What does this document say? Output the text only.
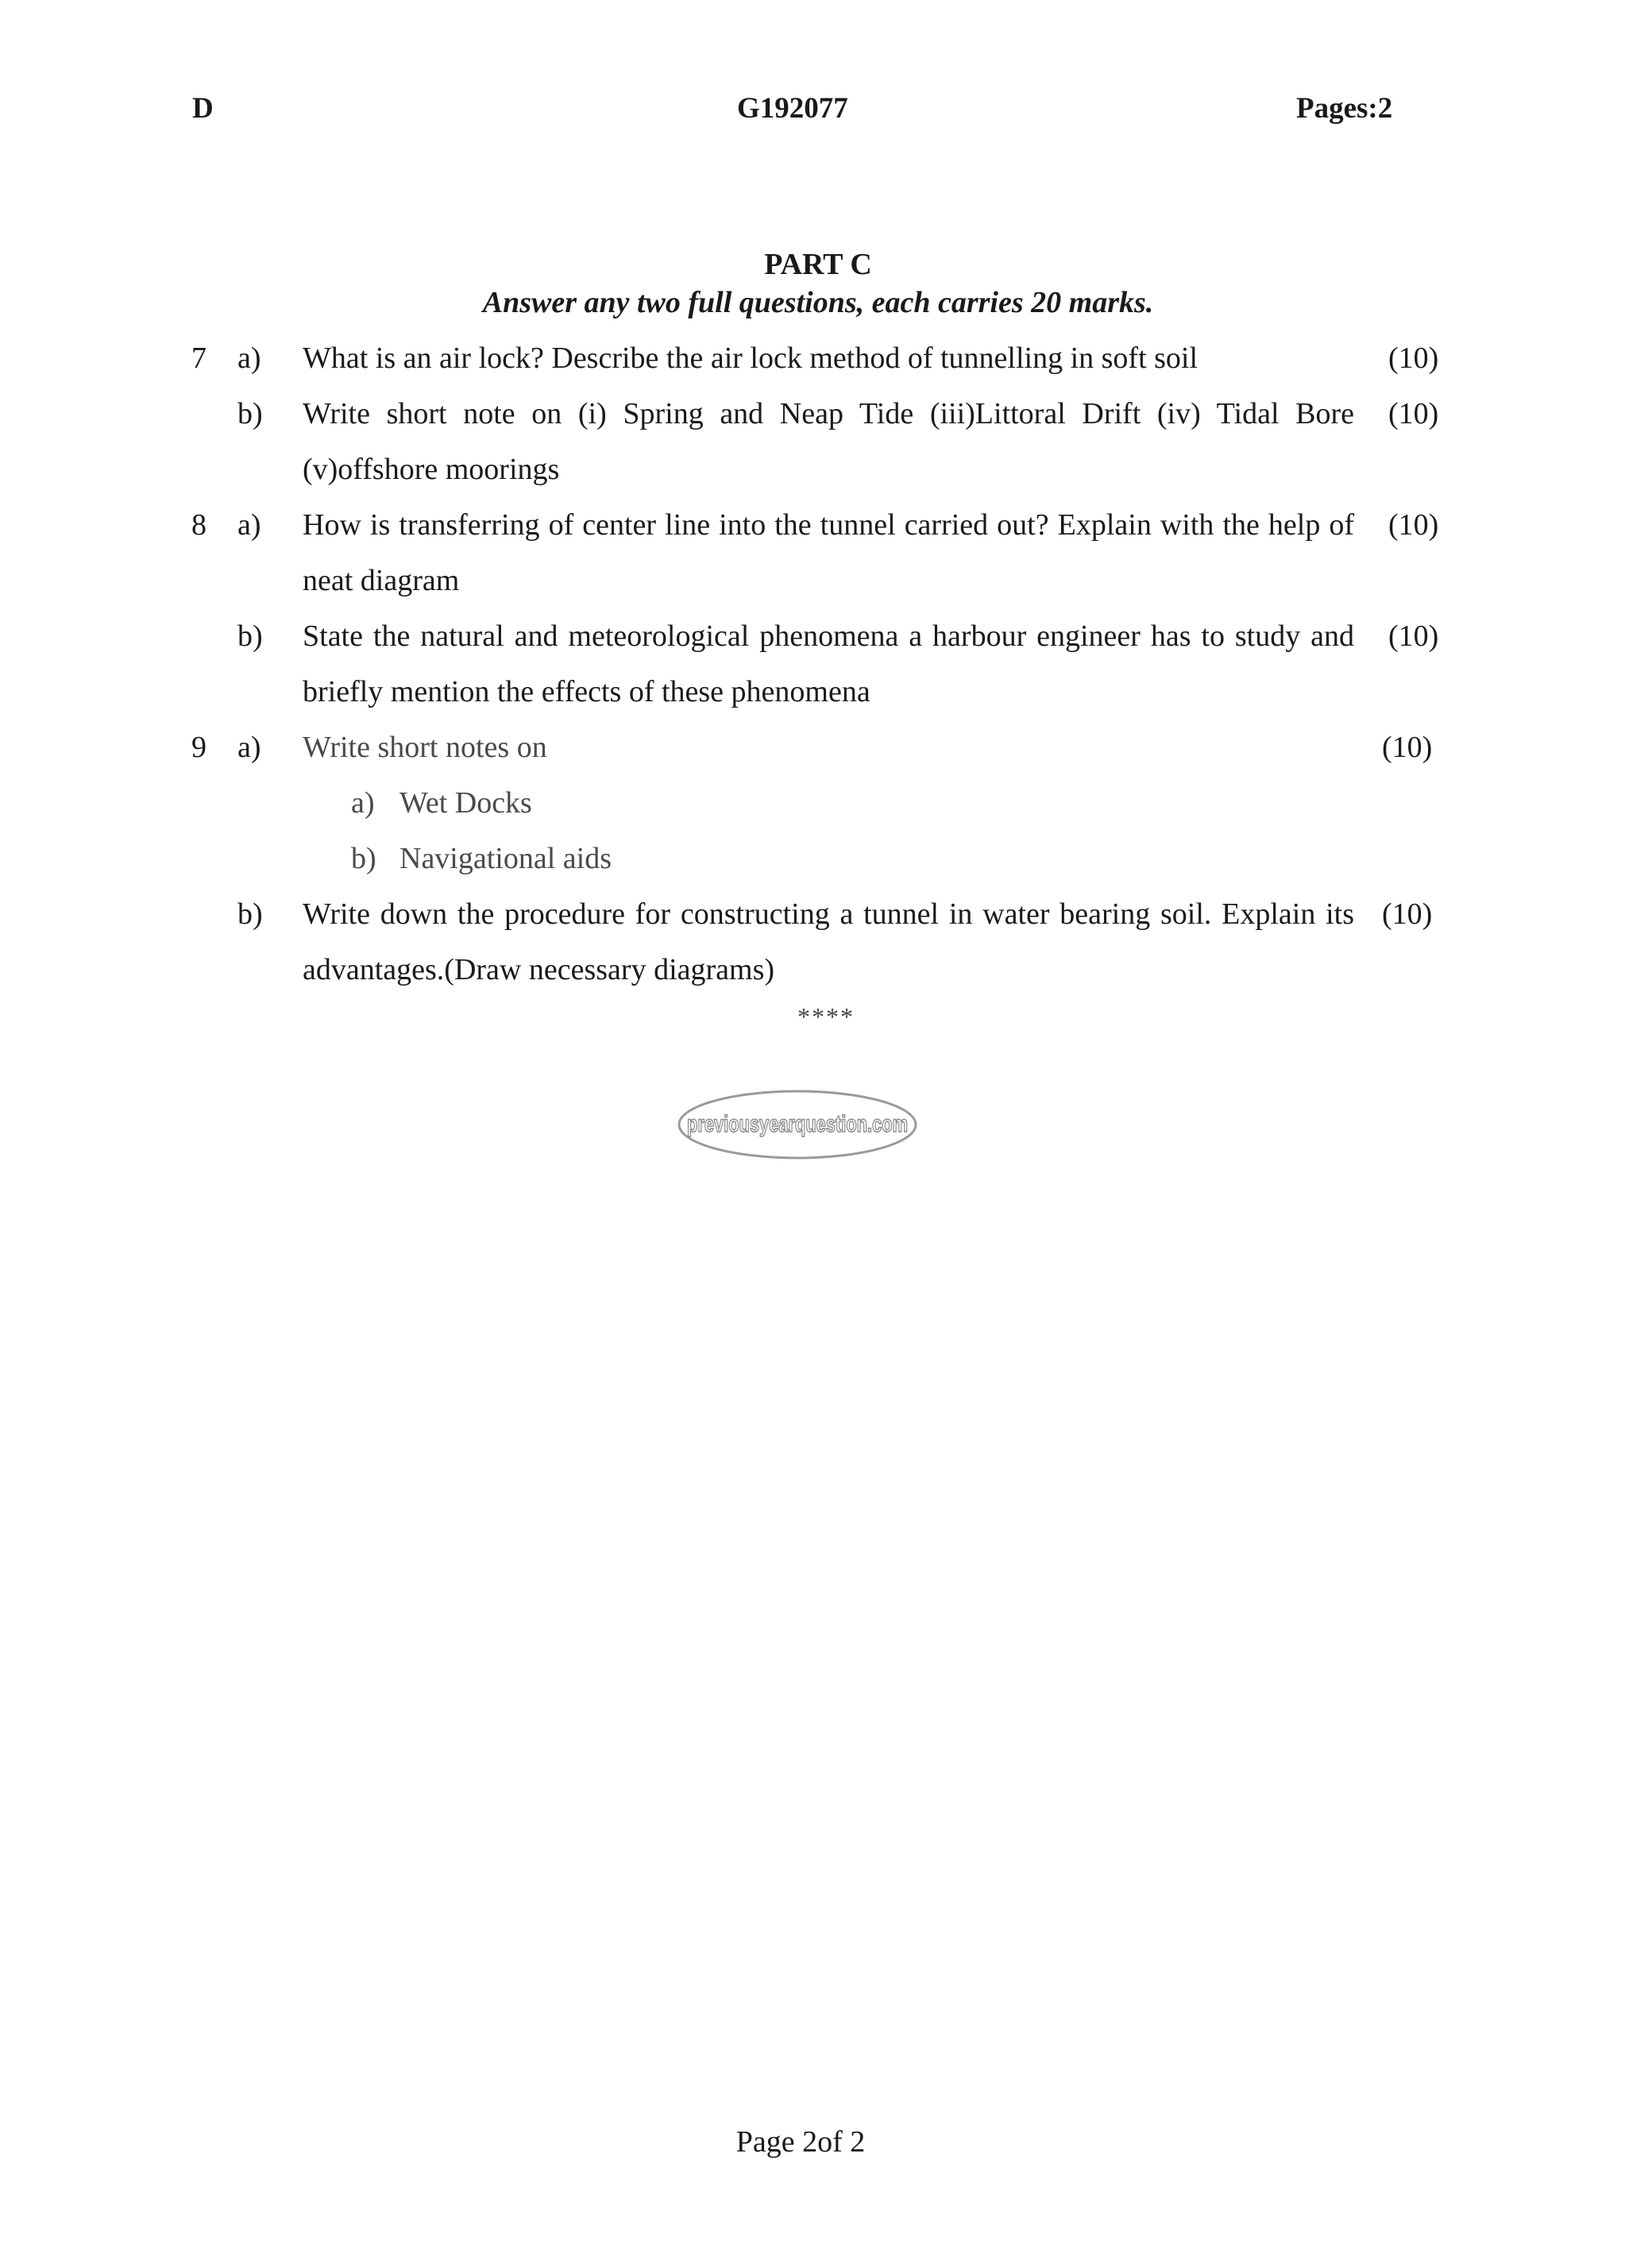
D	G192077	Pages:2
PART C
Answer any two full questions, each carries 20 marks.
7 a) What is an air lock? Describe the air lock method of tunnelling in soft soil	(10)
b) Write short note on (i) Spring and Neap Tide (iii)Littoral Drift (iv) Tidal Bore (v)offshore moorings
(10)
8 a) How is transferring of center line into the tunnel carried out? Explain with the help of neat diagram
(10)
b) State the natural and meteorological phenomena a harbour engineer has to study and briefly mention the effects of these phenomena
(10)
9 a) Write short notes on	(10)
a) Wet Docks
b) Navigational aids
b) Write down the procedure for constructing a tunnel in water bearing soil. Explain its advantages.(Draw necessary diagrams)
(10)
****
previousyearquestion.com
Page 2of 2
